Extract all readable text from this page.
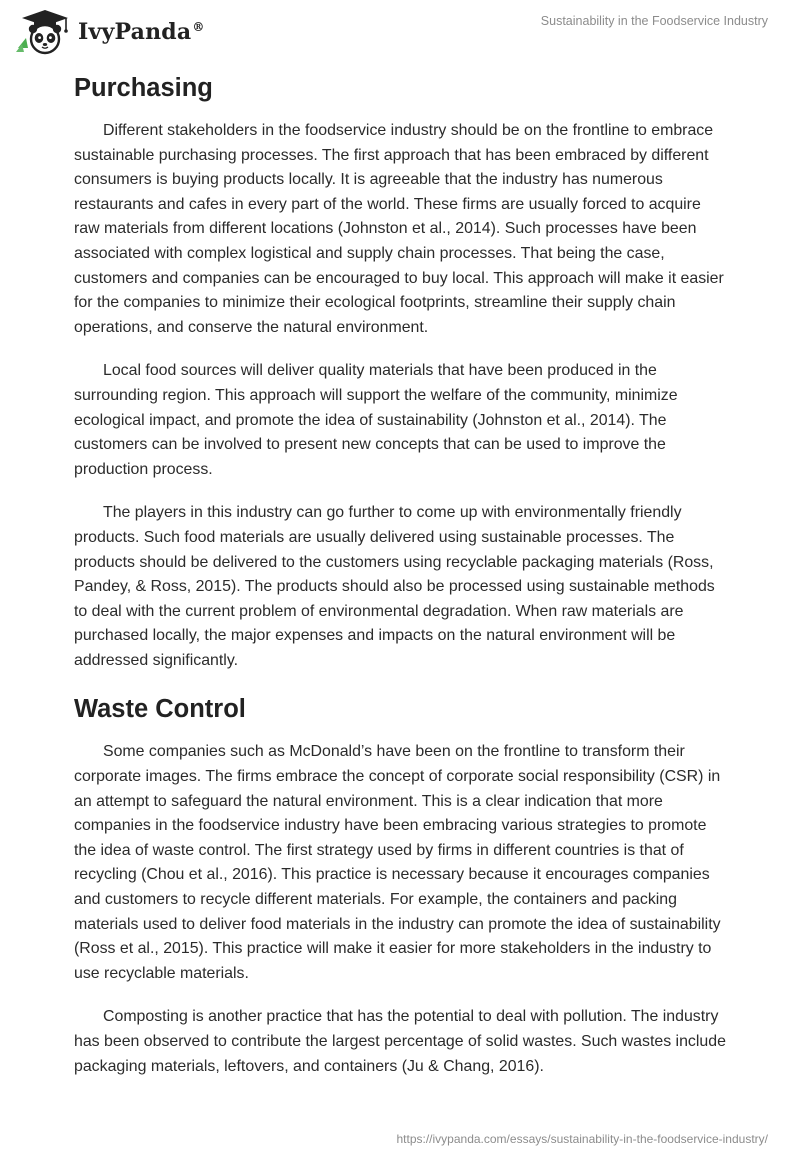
IvyPanda®	Sustainability in the Foodservice Industry
Purchasing

Different stakeholders in the foodservice industry should be on the frontline to embrace sustainable purchasing processes. The first approach that has been embraced by different consumers is buying products locally. It is agreeable that the industry has numerous restaurants and cafes in every part of the world. These firms are usually forced to acquire raw materials from different locations (Johnston et al., 2014). Such processes have been associated with complex logistical and supply chain processes. That being the case, customers and companies can be encouraged to buy local. This approach will make it easier for the companies to minimize their ecological footprints, streamline their supply chain operations, and conserve the natural environment.

Local food sources will deliver quality materials that have been produced in the surrounding region. This approach will support the welfare of the community, minimize ecological impact, and promote the idea of sustainability (Johnston et al., 2014). The customers can be involved to present new concepts that can be used to improve the production process.

The players in this industry can go further to come up with environmentally friendly products. Such food materials are usually delivered using sustainable processes. The products should be delivered to the customers using recyclable packaging materials (Ross, Pandey, & Ross, 2015). The products should also be processed using sustainable methods to deal with the current problem of environmental degradation. When raw materials are purchased locally, the major expenses and impacts on the natural environment will be addressed significantly.

Waste Control

Some companies such as McDonald’s have been on the frontline to transform their corporate images. The firms embrace the concept of corporate social responsibility (CSR) in an attempt to safeguard the natural environment. This is a clear indication that more companies in the foodservice industry have been embracing various strategies to promote the idea of waste control. The first strategy used by firms in different countries is that of recycling (Chou et al., 2016). This practice is necessary because it encourages companies and customers to recycle different materials. For example, the containers and packing materials used to deliver food materials in the industry can promote the idea of sustainability (Ross et al., 2015). This practice will make it easier for more stakeholders in the industry to use recyclable materials.

Composting is another practice that has the potential to deal with pollution. The industry has been observed to contribute the largest percentage of solid wastes. Such wastes include packaging materials, leftovers, and containers (Ju & Chang, 2016).

https://ivypanda.com/essays/sustainability-in-the-foodservice-industry/
